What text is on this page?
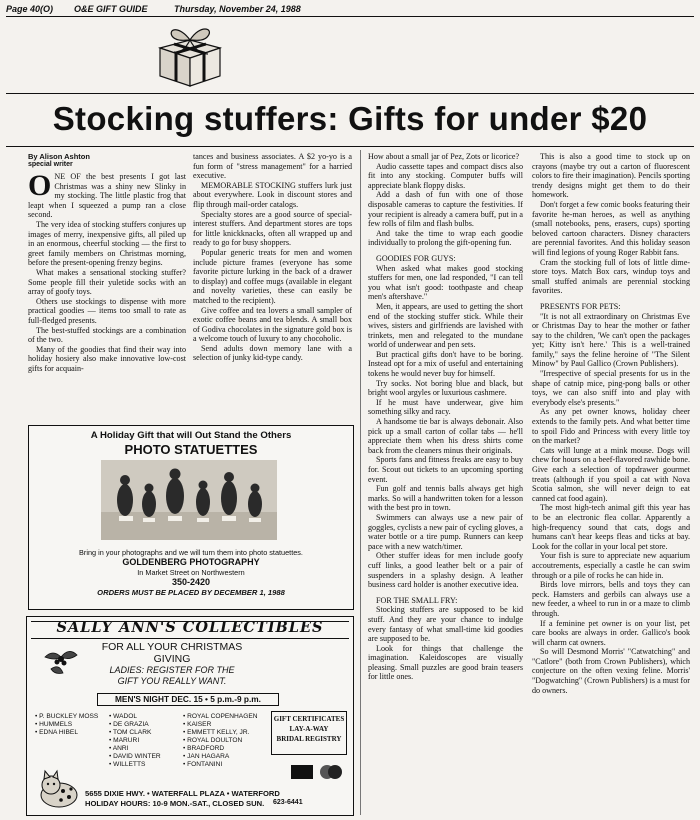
Page 40(O) O&E GIFT GUIDE	Thursday, November 24, 1988
Stocking stuffers: Gifts for under $20
By Alison Ashton
special writer

ONE OF the best presents I got last Christmas was a shiny new Slinky in my stocking. The little plastic frog that leapt when I squeezed a pump ran a close second.

The very idea of stocking stuffers conjures up images of merry, inexpensive gifts, all piled up in an enormous, cheerful stocking — the first to greet family members on Christmas morning, before the present-opening frenzy begins.

What makes a sensational stocking stuffer? Some people fill their yuletide socks with an array of goofy toys.

Others use stockings to dispense with more practical goodies — items too small to rate as full-fledged presents.

The best-stuffed stockings are a combination of the two.

Many of the goodies that find their way into holiday hosiery also make innovative low-cost gifts for acquain-

tances and business associates. A $2 yo-yo is a fun form of "stress management" for a harried executive.

MEMORABLE STOCKING stuffers lurk just about everywhere. Look in discount stores and flip through mail-order catalogs.

Specialty stores are a good source of special-interest stuffers. And department stores are tops for little knickknacks, often all wrapped up and ready to go for busy shoppers.

Popular generic treats for men and women include picture frames (everyone has some favorite picture lurking in the back of a drawer to display) and coffee mugs (available in elegant and novelty varieties, these can easily be matched to the recipient).

Give coffee and tea lovers a small sampler of exotic coffee beans and tea blends. A small box of Godiva chocolates in the signature gold box is a welcome touch of luxury to any chocoholic.

Send adults down memory lane with a selection of junky kid-type candy.

How about a small jar of Pez, Zots or licorice?

Audio cassette tapes and compact discs also fit into any stocking. Computer buffs will appreciate blank floppy disks.

Add a dash of fun with one of those disposable cameras to capture the festivities. If your recipient is already a camera buff, put in a few rolls of film and flash bulbs.

And take the time to wrap each goodie individually to prolong the gift-opening fun.

GOODIES FOR GUYS:

When asked what makes good stocking stuffers for men, one lad responded, "I can tell you what isn't good: toothpaste and cheap men's aftershave."

Men, it appears, are used to getting the short end of the stocking stuffer stick. While their wives, sisters and girlfriends are lavished with trinkets, men and relegated to the mundane world of underwear and pen sets.

But practical gifts don't have to be boring. Instead opt for a mix of useful and entertaining tokens he would never buy for himself.

Try socks. Not boring blue and black, but bright wool argyles or luxurious cashmere.

If he must have underwear, give him something silky and racy.

A handsome tie bar is always debonair. Also pick up a small carton of collar tabs — he'll appreciate them when his dress shirts come back from the cleaners minus their originals.

Sports fans and fitness freaks are easy to buy for. Scout out tickets to an upcoming sporting event.

Fun golf and tennis balls always get high marks. So will a handwritten token for a lesson with the best pro in town.

Swimmers can always use a new pair of goggles, cyclists a new pair of cycling gloves, a water bottle or a tire pump. Runners can keep pace with a new watch/timer.

Other stuffer ideas for men include goofy cuff links, a good leather belt or a pair of suspenders in a splashy design. A leather business card holder is another executive idea.

FOR THE SMALL FRY:

Stocking stuffers are supposed to be kid stuff. And they are your chance to indulge every fantasy of what small-time kid goodies are supposed to be.

Look for things that challenge the imagination. Kaleidoscopes are visually pleasing. Small puzzles are good brain teasers for little ones.

This is also a good time to stock up on crayons (maybe try out a carton of fluorescent colors to fire their imagination). Pencils sporting trendy designs might get them to do their homework.

Don't forget a few comic books featuring their favorite he-man heroes, as well as anything (small notebooks, pens, erasers, cups) sporting beloved cartoon characters. Disney characters are perennial favorites. And this holiday season will find legions of young Roger Rabbit fans.

Cram the stocking full of lots of little dime-store toys. Match Box cars, windup toys and small stuffed animals are perennial stocking favorites.

PRESENTS FOR PETS:

"It is not all extraordinary on Christmas Eve or Christmas Day to hear the mother or father say to the children, 'We can't open the packages yet; Kitty isn't here.' This is a well-trained family," says the feline heroine of "The Silent Minow" by Paul Gallico (Crown Publishers).

"Irrespective of special presents for us in the shape of catnip mice, ping-pong balls or other toys, we can also sniff into and play with everybody else's presents."

As any pet owner knows, holiday cheer extends to the family pets. And what better time to spoil Fido and Princess with every little toy on the market?

Cats will lunge at a mink mouse. Dogs will chew for hours on a beef-flavored rawhide bone. Give each a selection of topdrawer gourmet treats (although if you spoil a cat with Nova Scotia salmon, she will never deign to eat canned cat food again).

The most high-tech animal gift this year has to be an electronic flea collar. Apparently a high-frequency sound that cats, dogs and humans can't hear keeps fleas and ticks at bay. Look for the collar in your local pet store.

Your fish is sure to appreciate new aquarium accoutrements, especially a castle he can swim through or a pile of rocks he can hide in.

Birds love mirrors, bells and toys they can peck. Hamsters and gerbils can always use a new feeder, a wheel to run in or a maze to climb through.

If a feminine pet owner is on your list, pet care books are always in order. Gallico's book will charm cat owners.

So will Desmond Morris' "Catwatching" and "Catlore" (both from Crown Publishers), which conjecture on the often vexing feline. Morris' "Dogwatching" (Crown Publishers) is a must for do owners.

A Holiday Gift that will Out Stand the Others
PHOTO STATUETTES
Bring in your photographs and we will turn them into photo statuettes.
GOLDENBERG PHOTOGRAPHY
In Market Street on Northwestern
350-2420
ORDERS MUST BE PLACED BY DECEMBER 1, 1988
SALLY ANN'S COLLECTIBLES
FOR ALL YOUR CHRISTMAS
GIVING
LADIES: REGISTER FOR THE
GIFT YOU REALLY WANT.
MEN'S NIGHT DEC. 15 • 5 p.m.-9 p.m.
• P. BUCKLEY MOSS
• HUMMELS
• EDNA HIBEL
• WADOL
• DE GRAZIA
• TOM CLARK
• MARURI
• ANRI
• DAVID WINTER
• WILLETTS
• ROYAL COPENHAGEN
• KAISER
• EMMETT KELLY, JR.
• ROYAL DOULTON
• BRADFORD
• JAN HAGARA
• FONTANINI
GIFT CERTIFICATES
LAY-A-WAY
BRIDAL REGISTRY
5655 DIXIE HWY. • WATERFALL PLAZA • WATERFORD
HOLIDAY HOURS: 10-9 MON.-SAT., CLOSED SUN.	623-6441
